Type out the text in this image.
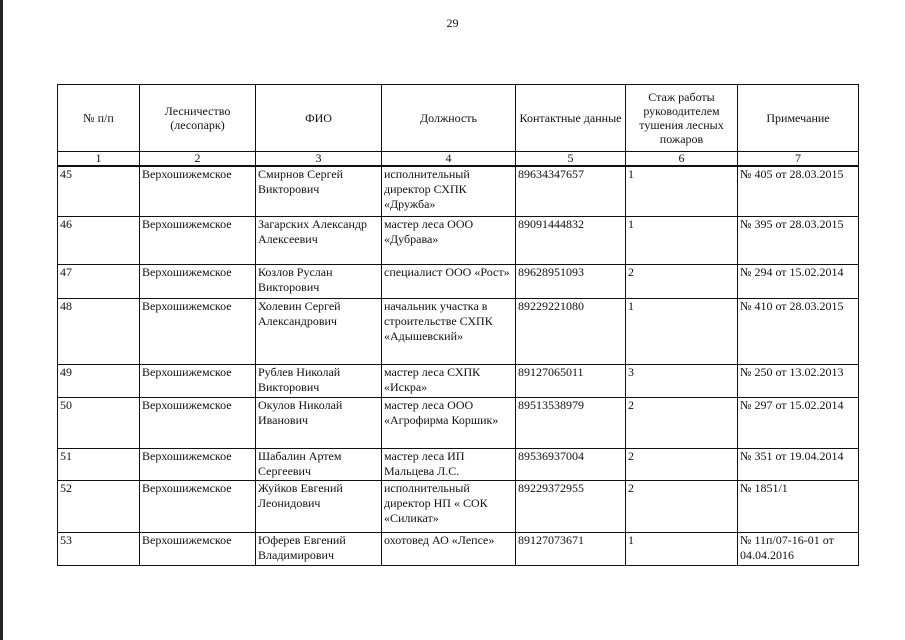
29
№ п/п	Лесничество (лесопарк)	ФИО	Должность	Контактные данные	Стаж работы руководителем тушения лесных пожаров	Примечание
1	2	3	4	5	6	7
45	Верхошижемское	Смирнов Сергей Викторович	исполнительный директор СХПК «Дружба»	89634347657	1	№ 405 от 28.03.2015
46	Верхошижемское	Загарских Александр Алексеевич	мастер леса ООО «Дубрава»	89091444832	1	№ 395 от 28.03.2015
47	Верхошижемское	Козлов Руслан Викторович	специалист ООО «Рост»	89628951093	2	№ 294 от 15.02.2014
48	Верхошижемское	Холевин Сергей Александрович	начальник участка в строительстве СХПК «Адышевский»	89229221080	1	№ 410 от 28.03.2015
49	Верхошижемское	Рублев Николай Викторович	мастер леса СХПК «Искра»	89127065011	3	№ 250 от 13.02.2013
50	Верхошижемское	Окулов Николай Иванович	мастер леса ООО «Агрофирма Коршик»	89513538979	2	№ 297 от 15.02.2014
51	Верхошижемское	Шабалин Артем Сергеевич	мастер леса ИП Мальцева Л.С.	89536937004	2	№ 351 от 19.04.2014
52	Верхошижемское	Жуйков Евгений Леонидович	исполнительный директор НП « СОК «Силикат»	89229372955	2	№ 1851/1
53	Верхошижемское	Юферев Евгений Владимирович	охотовед АО «Лепсе»	89127073671	1	№ 11п/07-16-01 от 04.04.2016
